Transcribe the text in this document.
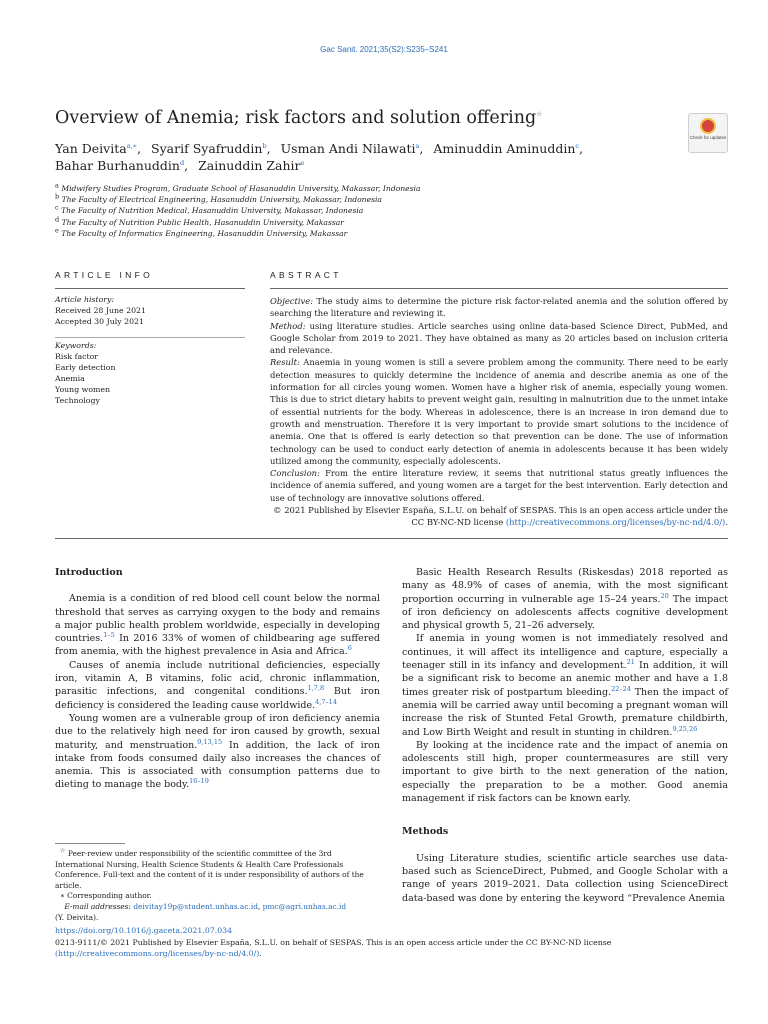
Gac Sanit. 2021;35(S2):S235–S241
Overview of Anemia; risk factors and solution offering☆
Check for updates
Yan Deivita$^{a,∗}$, Syarif Syafruddin$^b$, Usman Andi Nilawati$^a$, Aminuddin Aminuddin$^c$,
Bahar Burhanuddin$^d$, Zainuddin Zahir$^e$
$^a$ Midwifery Studies Program, Graduate School of Hasanuddin University, Makassar, Indonesia
$^b$ The Faculty of Electrical Engineering, Hasanuddin University, Makassar, Indonesia
$^c$ The Faculty of Nutrition Medical, Hasanuddin University, Makassar, Indonesia
$^d$ The Faculty of Nutrition Public Health, Hasanuddin University, Makassar
$^e$ The Faculty of Informatics Engineering, Hasanuddin University, Makassar
ARTICLE INFO	ABSTRACT
Article history:
Received 28 June 2021
Accepted 30 July 2021
Keywords:
Risk factor
Early detection
Anemia
Young women
Technology

Objective: The study aims to determine the picture risk factor-related anemia and the solution offered by searching the literature and reviewing it.

Method: using literature studies. Article searches using online data-based Science Direct, PubMed, and Google Scholar from 2019 to 2021. They have obtained as many as 20 articles based on inclusion criteria and relevance.

Result: Anaemia in young women is still a severe problem among the community. There need to be early detection measures to quickly determine the incidence of anemia and describe anemia as one of the information for all circles young women. Women have a higher risk of anemia, especially young women. This is due to strict dietary habits to prevent weight gain, resulting in malnutrition due to the unmet intake of essential nutrients for the body. Whereas in adolescence, there is an increase in iron demand due to growth and menstruation. Therefore it is very important to provide smart solutions to the incidence of anemia. One that is offered is early detection so that prevention can be done. The use of information technology can be used to conduct early detection of anemia in adolescents because it has been widely utilized among the community, especially adolescents.

Conclusion: From the entire literature review, it seems that nutritional status greatly influences the incidence of anemia suffered, and young women are a target for the best intervention. Early detection and use of technology are innovative solutions offered.

© 2021 Published by Elsevier España, S.L.U. on behalf of SESPAS. This is an open access article under the CC BY-NC-ND license (http://creativecommons.org/licenses/by-nc-nd/4.0/).

Introduction

Anemia is a condition of red blood cell count below the normal threshold that serves as carrying oxygen to the body and remains a major public health problem worldwide, especially in developing countries.$^{1-5}$ In 2016 33% of women of childbearing age suffered from anemia, with the highest prevalence in Asia and Africa.$^6$

Causes of anemia include nutritional deficiencies, especially iron, vitamin A, B vitamins, folic acid, chronic inflammation, parasitic infections, and congenital conditions.$^{1,7,8}$ But iron deficiency is considered the leading cause worldwide.$^{4,7-14}$

Young women are a vulnerable group of iron deficiency anemia due to the relatively high need for iron caused by growth, sexual maturity, and menstruation.$^{9,13,15}$ In addition, the lack of iron intake from foods consumed daily also increases the chances of anemia. This is associated with consumption patterns due to dieting to manage the body.$^{16-19}$

Basic Health Research Results (Riskesdas) 2018 reported as many as 48.9% of cases of anemia, with the most significant proportion occurring in vulnerable age 15–24 years.$^{20}$ The impact of iron deficiency on adolescents affects cognitive development and physical growth 5, 21–26 adversely.

If anemia in young women is not immediately resolved and continues, it will affect its intelligence and capture, especially a teenager still in its infancy and development.$^{21}$ In addition, it will be a significant risk to become an anemic mother and have a 1.8 times greater risk of postpartum bleeding.$^{22-24}$ Then the impact of anemia will be carried away until becoming a pregnant woman will increase the risk of Stunted Fetal Growth, premature childbirth, and Low Birth Weight and result in stunting in children.$^{9,25,26}$

By looking at the incidence rate and the impact of anemia on adolescents still high, proper countermeasures are still very important to give birth to the next generation of the nation, especially the preparation to be a mother. Good anemia management if risk factors can be known early.

Methods

Using Literature studies, scientific article searches use data-based such as ScienceDirect, Pubmed, and Google Scholar with a range of years 2019–2021. Data collection using ScienceDirect data-based was done by entering the keyword “Prevalence Anemia

☆ Peer-review under responsibility of the scientific committee of the 3rd International Nursing, Health Science Students & Health Care Professionals Conference. Full-text and the content of it is under responsibility of authors of the article.

∗ Corresponding author.

E-mail addresses: deivitay19p@student.unhas.ac.id, pmc@agri.unhas.ac.id

(Y. Deivita).

https://doi.org/10.1016/j.gaceta.2021.07.034

0213-9111/© 2021 Published by Elsevier España, S.L.U. on behalf of SESPAS. This is an open access article under the CC BY-NC-ND license (http://creativecommons.org/licenses/by-nc-nd/4.0/).
